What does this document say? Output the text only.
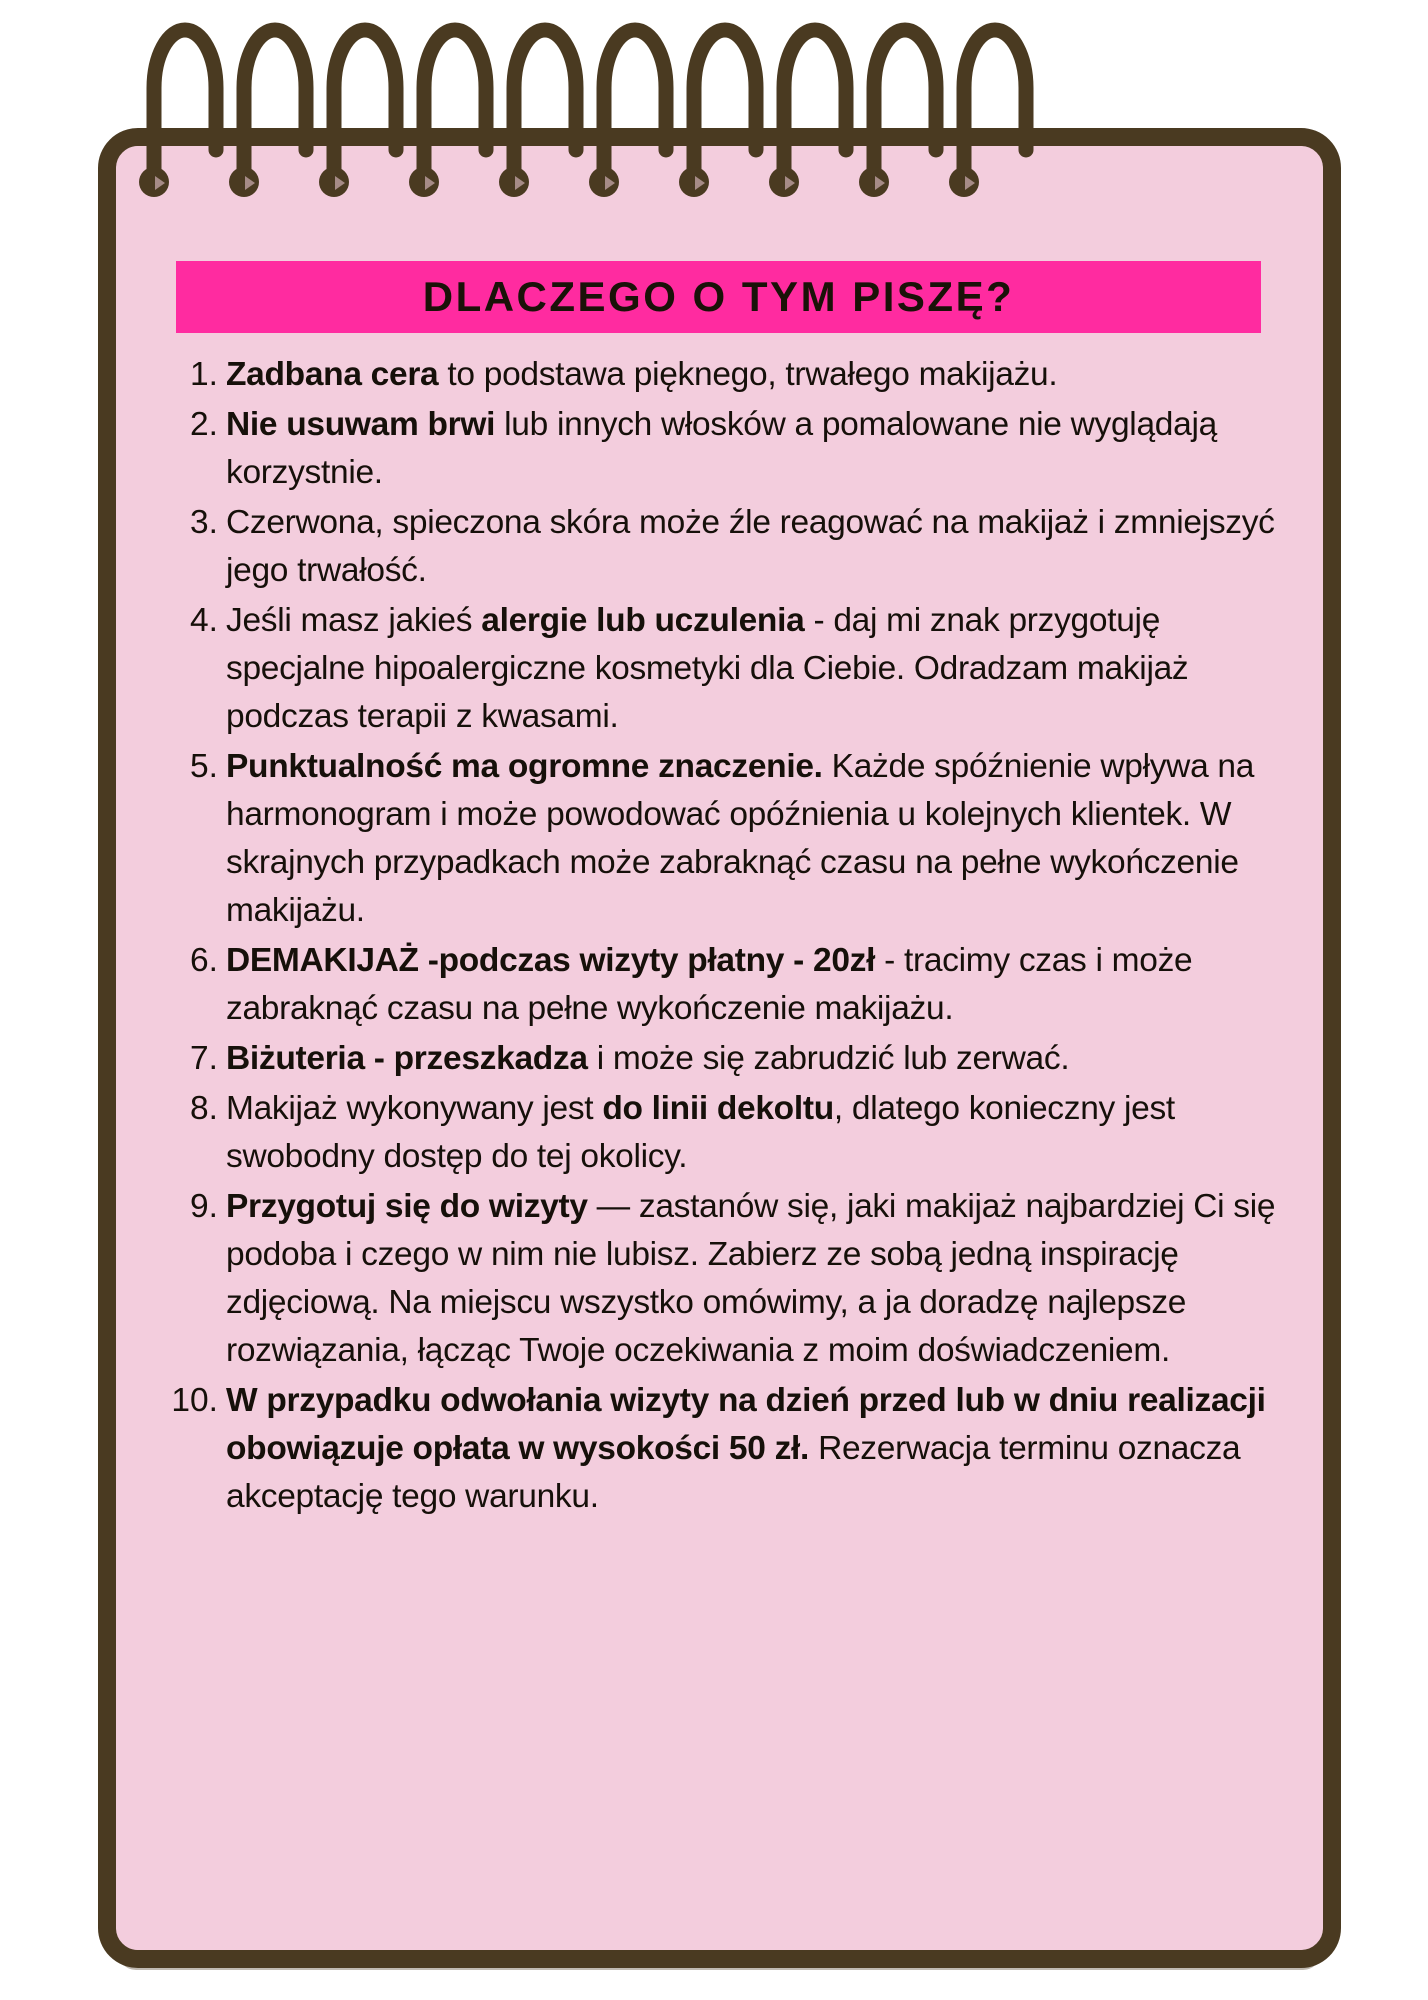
DLACZEGO O TYM PISZĘ?
1. Zadbana cera to podstawa pięknego, trwałego makijażu.
2. Nie usuwam brwi lub innych włosków a pomalowane nie wyglądają korzystnie.
3. Czerwona, spieczona skóra może źle reagować na makijaż i zmniejszyć jego trwałość.
4. Jeśli masz jakieś alergie lub uczulenia - daj mi znak przygotuję specjalne hipoalergiczne kosmetyki dla Ciebie. Odradzam makijaż podczas terapii z kwasami.
5. Punktualność ma ogromne znaczenie. Każde spóźnienie wpływa na harmonogram i może powodować opóźnienia u kolejnych klientek. W skrajnych przypadkach może zabraknąć czasu na pełne wykończenie makijażu.
6. DEMAKIJAŻ -podczas wizyty płatny - 20zł - tracimy czas i może zabraknąć czasu na pełne wykończenie makijażu.
7. Biżuteria - przeszkadza i może się zabrudzić lub zerwać.
8. Makijaż wykonywany jest do linii dekoltu, dlatego konieczny jest swobodny dostęp do tej okolicy.
9. Przygotuj się do wizyty — zastanów się, jaki makijaż najbardziej Ci się podoba i czego w nim nie lubisz. Zabierz ze sobą jedną inspirację zdjęciową. Na miejscu wszystko omówimy, a ja doradzę najlepsze rozwiązania, łącząc Twoje oczekiwania z moim doświadczeniem.
10. W przypadku odwołania wizyty na dzień przed lub w dniu realizacji obowiązuje opłata w wysokości 50 zł. Rezerwacja terminu oznacza akceptację tego warunku.
